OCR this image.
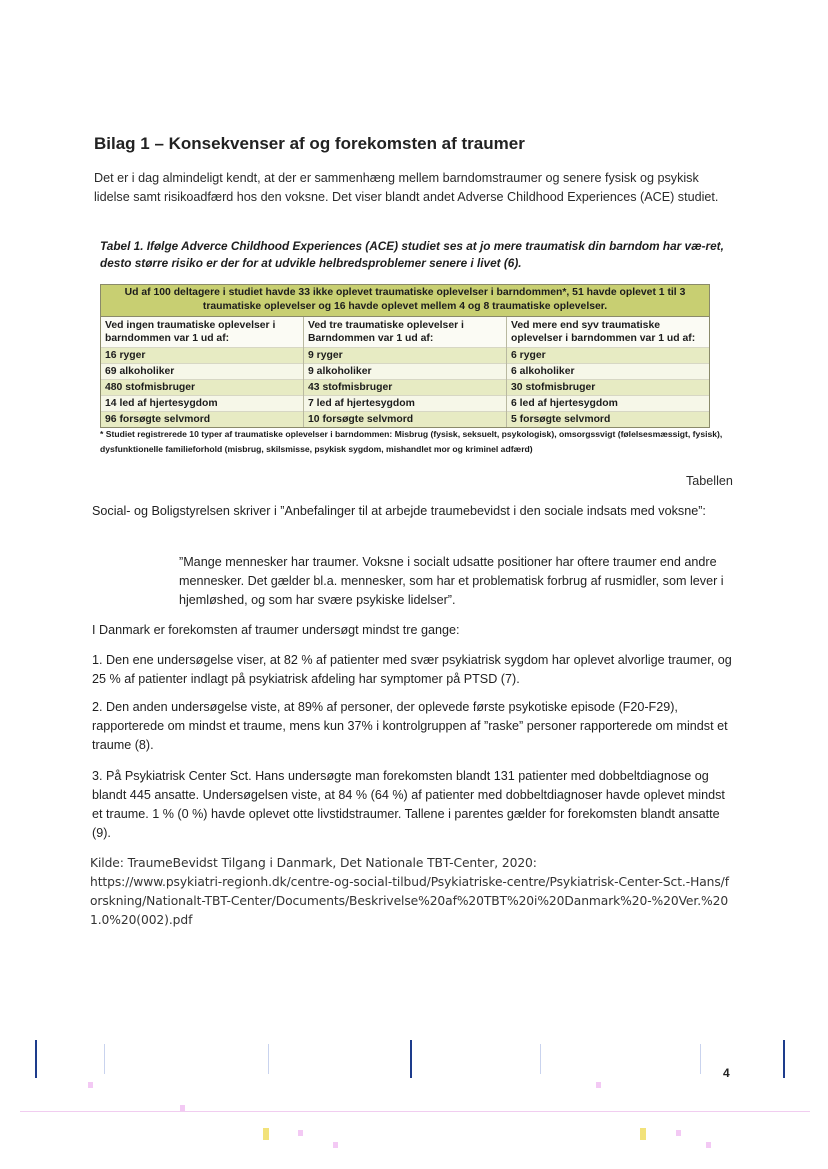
Bilag 1 – Konsekvenser af og forekomsten af traumer
Det er i dag almindeligt kendt, at der er sammenhæng mellem barndomstraumer og senere fysisk og psykisk lidelse samt risikoadfærd hos den voksne. Det viser blandt andet Adverse Childhood Experiences (ACE) studiet.
Tabel 1. Ifølge Adverce Childhood Experiences (ACE) studiet ses at jo mere traumatisk din barndom har væ-ret, desto større risiko er der for at udvikle helbredsproblemer senere i livet (6).
Ud af 100 deltagere i studiet havde 33 ikke oplevet traumatiske oplevelser i barndommen*, 51 havde oplevet 1 til 3 traumatiske oplevelser og 16 havde oplevet mellem 4 og 8 traumatiske oplevelser.
Ved ingen traumatiske oplevelser i barndommen var 1 ud af:
16 ryger
69 alkoholiker
480 stofmisbruger
14 led af hjertesygdom
96 forsøgte selvmord
Ved tre traumatiske oplevelser i Barndommen var 1 ud af:
9 ryger
9 alkoholiker
43 stofmisbruger
7 led af hjertesygdom
10 forsøgte selvmord
Ved mere end syv traumatiske oplevelser i barndommen var 1 ud af:
6 ryger
6 alkoholiker
30 stofmisbruger
6 led af hjertesygdom
5 forsøgte selvmord
* Studiet registrerede 10 typer af traumatiske oplevelser i barndommen: Misbrug (fysisk, seksuelt, psykologisk), omsorgssvigt (følelsesmæssigt, fysisk), dysfunktionelle familieforhold (misbrug, skilsmisse, psykisk sygdom, mishandlet mor og kriminel adfærd)
Tabellen
Social- og Boligstyrelsen skriver i ”Anbefalinger til at arbejde traumebevidst i den sociale indsats med voksne”:
”Mange mennesker har traumer. Voksne i socialt udsatte positioner har oftere traumer end andre mennesker. Det gælder bl.a. mennesker, som har et problematisk forbrug af rusmidler, som lever i hjemløshed, og som har svære psykiske lidelser”.
I Danmark er forekomsten af traumer undersøgt mindst tre gange:
1. Den ene undersøgelse viser, at 82 % af patienter med svær psykiatrisk sygdom har oplevet alvorlige traumer, og 25 % af patienter indlagt på psykiatrisk afdeling har symptomer på PTSD (7).
2. Den anden undersøgelse viste, at 89% af personer, der oplevede første psykotiske episode (F20-F29), rapporterede om mindst et traume, mens kun 37% i kontrolgruppen af ”raske” personer rapporterede om mindst et traume (8).
3. På Psykiatrisk Center Sct. Hans undersøgte man forekomsten blandt 131 patienter med dobbeltdiagnose og blandt 445 ansatte. Undersøgelsen viste, at 84 % (64 %) af patienter med dobbeltdiagnoser havde oplevet mindst et traume. 1 % (0 %) havde oplevet otte livstidstraumer. Tallene i parentes gælder for forekomsten blandt ansatte (9).
Kilde: TraumeBevidst Tilgang i Danmark, Det Nationale TBT-Center, 2020:
https://www.psykiatri-regionh.dk/centre-og-social-tilbud/Psykiatriske-centre/Psykiatrisk-Center-Sct.-Hans/forskning/Nationalt-TBT-Center/Documents/Beskrivelse%20af%20TBT%20i%20Danmark%20-%20Ver.%201.0%20(002).pdf
4
